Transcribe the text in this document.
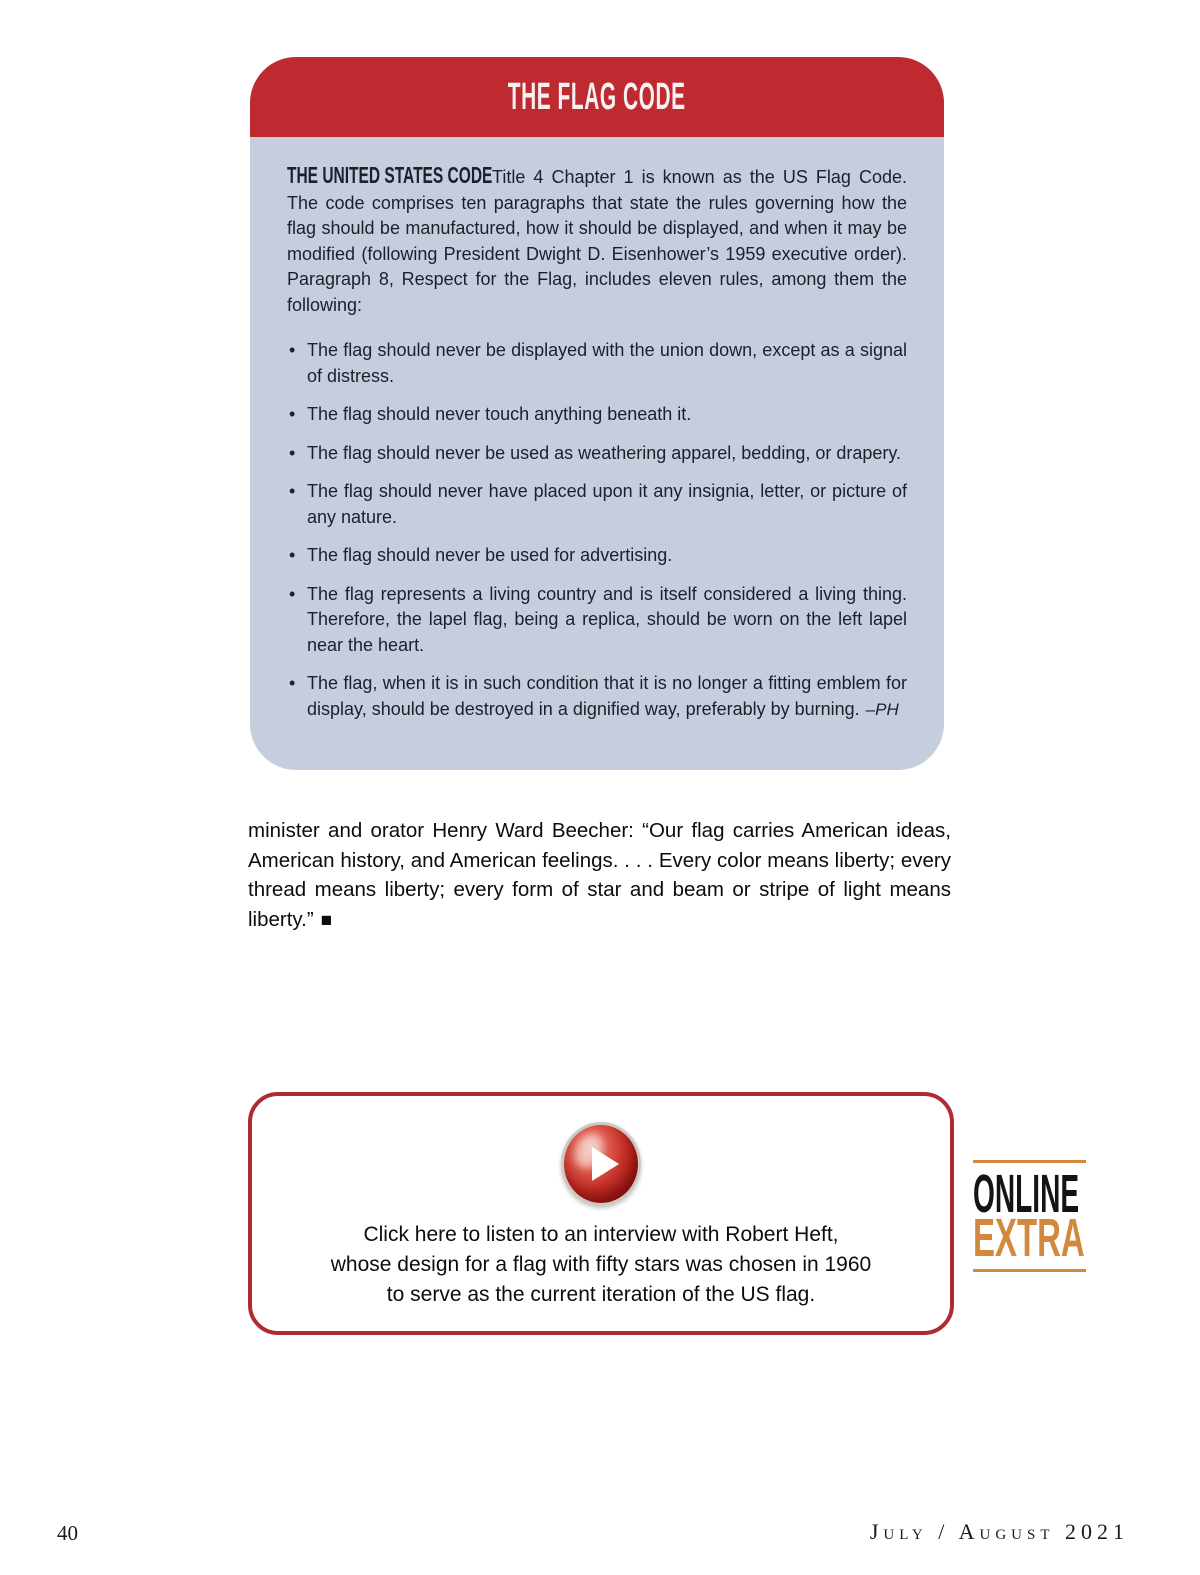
THE FLAG CODE

THE UNITED STATES CODETitle 4 Chapter 1 is known as the US Flag Code. The code comprises ten paragraphs that state the rules governing how the flag should be manufactured, how it should be displayed, and when it may be modified (following President Dwight D. Eisenhower’s 1959 executive order). Paragraph 8, Respect for the Flag, includes eleven rules, among them the following:

• The flag should never be displayed with the union down, except as a signal of distress.
• The flag should never touch anything beneath it.
• The flag should never be used as weathering apparel, bedding, or drapery.
• The flag should never have placed upon it any insignia, letter, or picture of any nature.
• The flag should never be used for advertising.
• The flag represents a living country and is itself considered a living thing. Therefore, the lapel flag, being a replica, should be worn on the left lapel near the heart.
• The flag, when it is in such condition that it is no longer a fitting emblem for display, should be destroyed in a dignified way, preferably by burning. –PH

minister and orator Henry Ward Beecher: “Our flag carries American ideas, American history, and American feelings. . . . Every color means liberty; every thread means liberty; every form of star and beam or stripe of light means liberty.” ■

Click here to listen to an interview with Robert Heft,
whose design for a flag with fifty stars was chosen in 1960
to serve as the current iteration of the US flag.
ONLINE
EXTRA
40	July / August 2021
